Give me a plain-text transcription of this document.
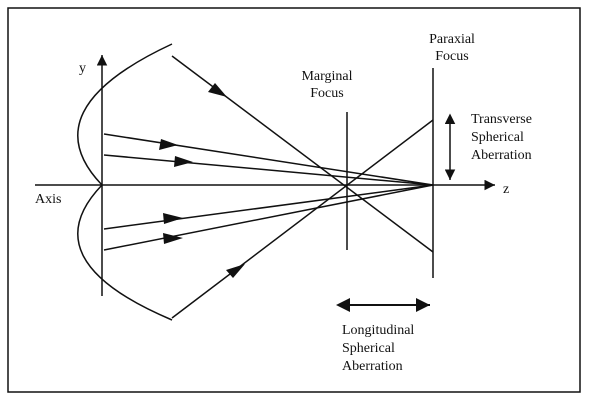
y
z
Axis
Marginal
Focus
Paraxial
Focus
Transverse
Spherical
Aberration
Longitudinal
Spherical
Aberration
